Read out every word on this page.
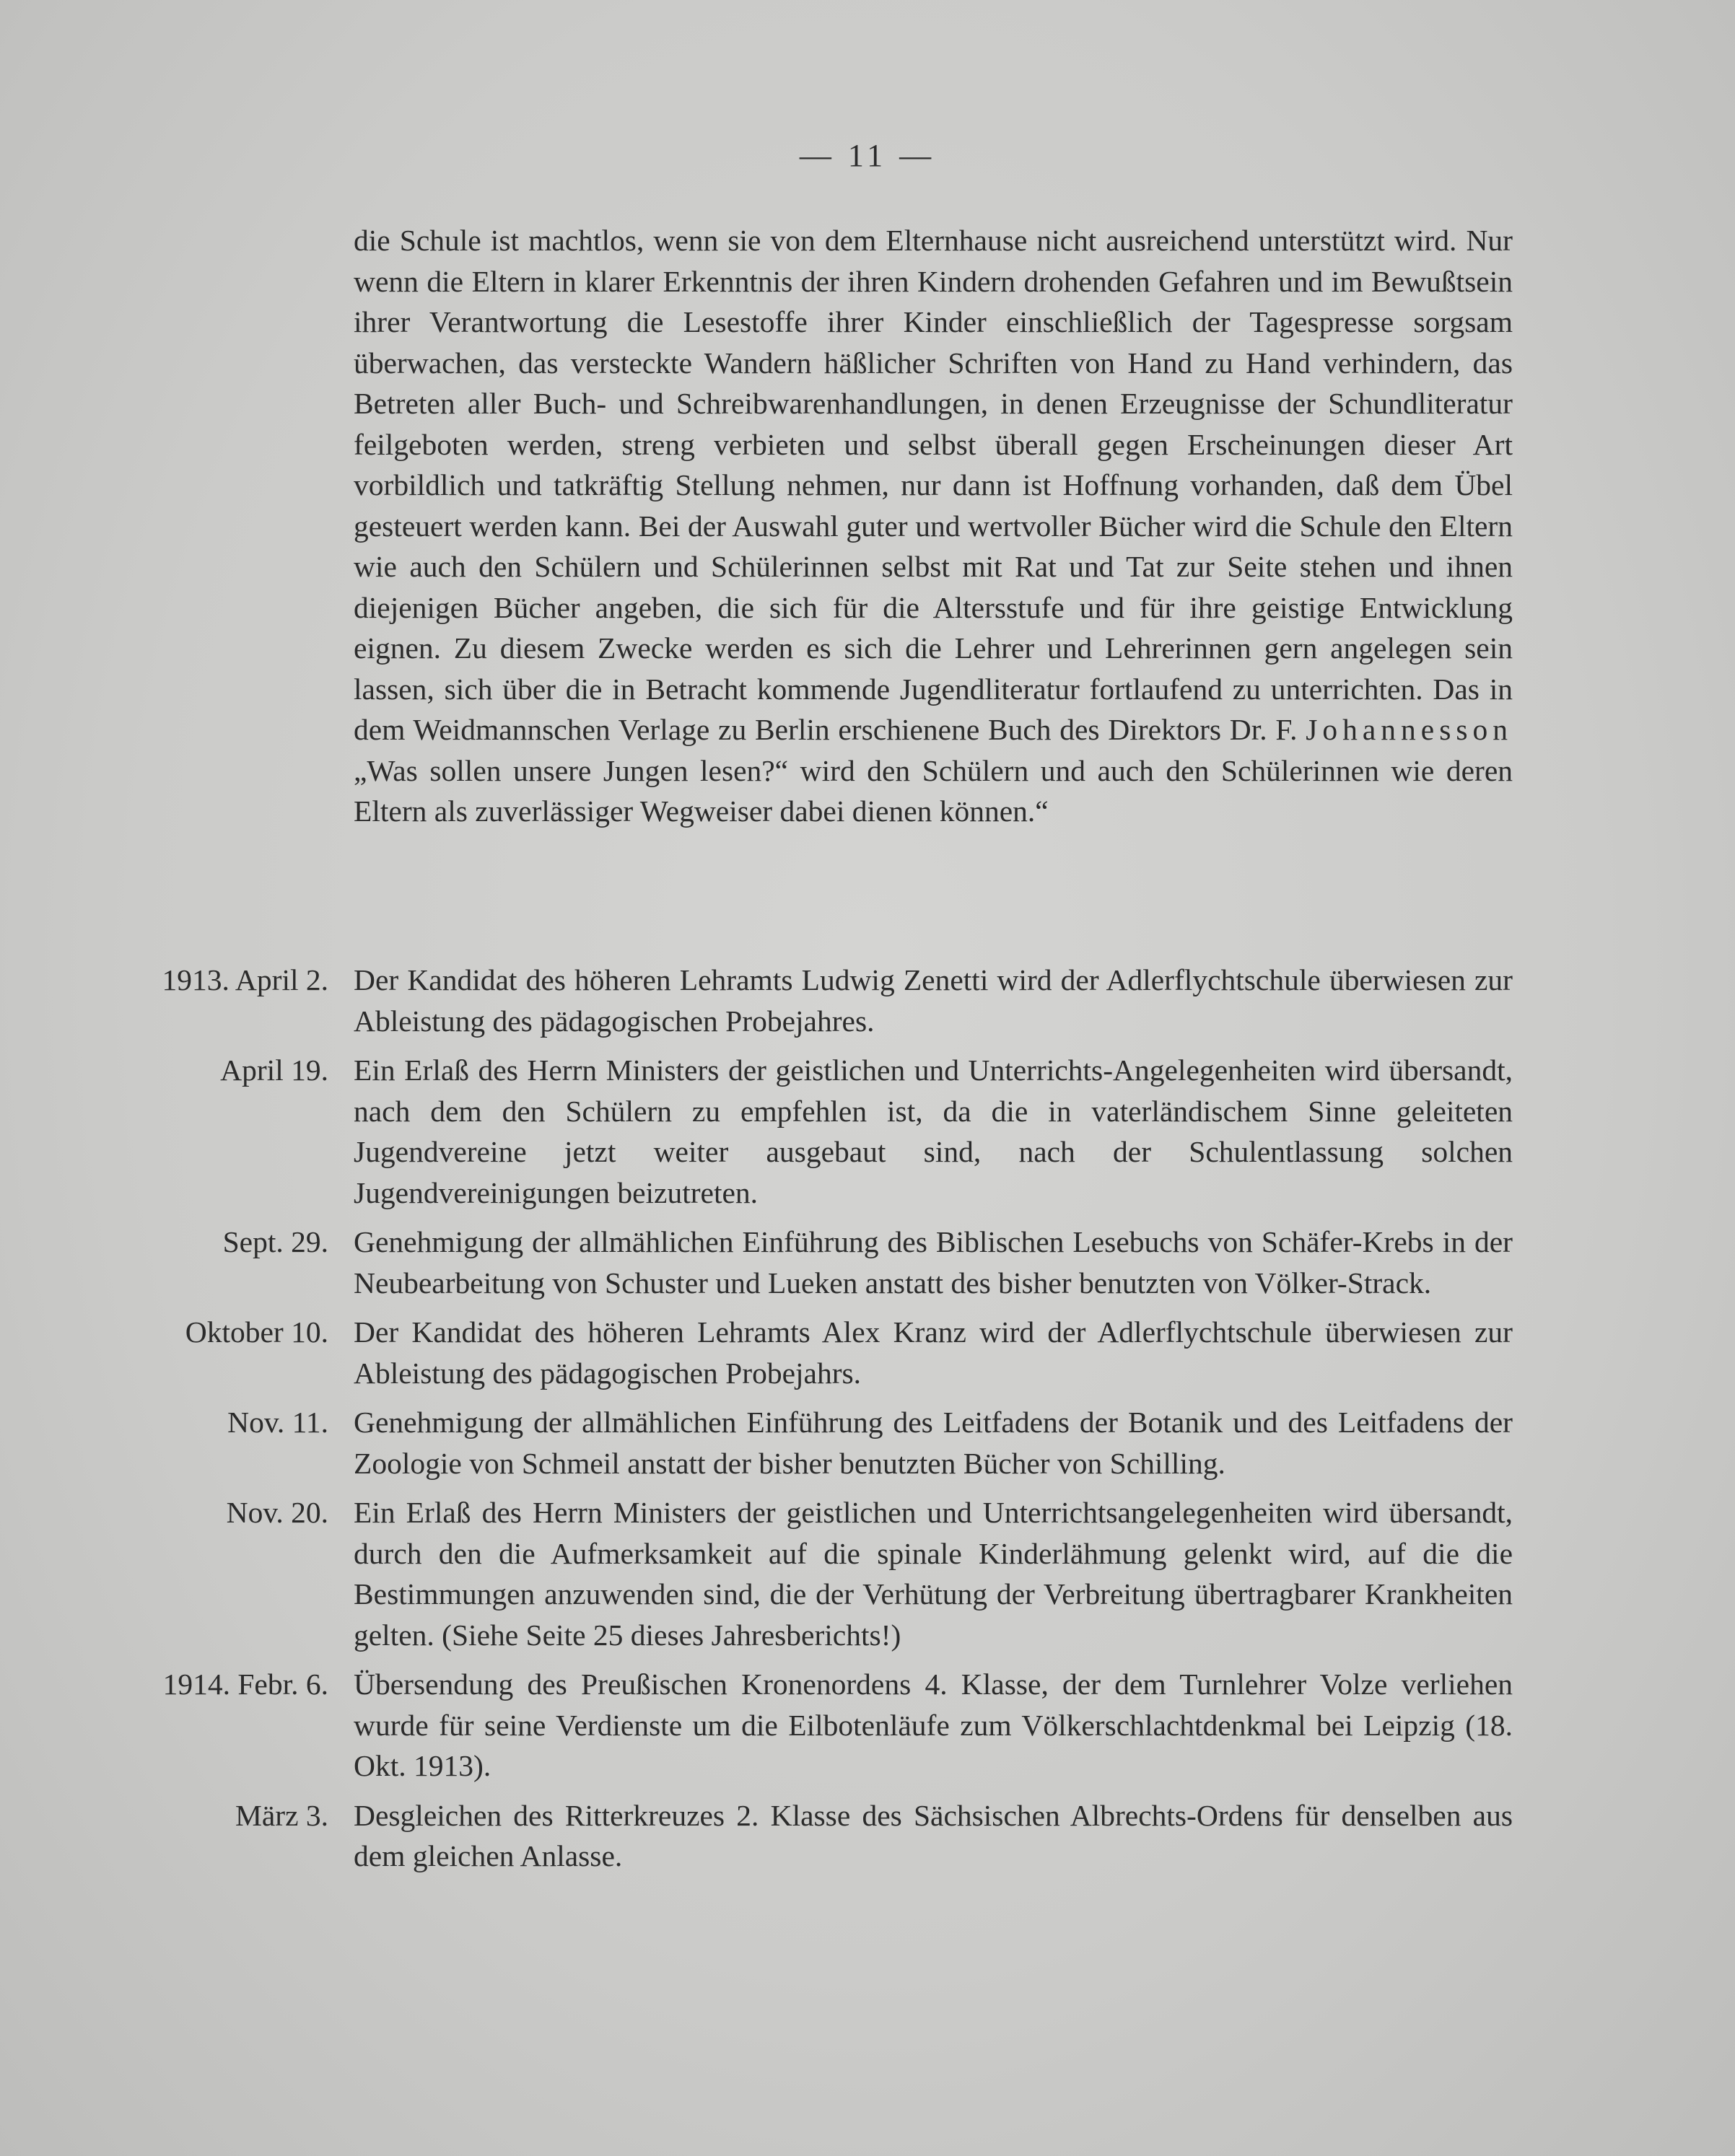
— 11 —
die Schule ist machtlos, wenn sie von dem Elternhause nicht ausreichend unterstützt wird. Nur wenn die Eltern in klarer Erkenntnis der ihren Kindern drohenden Gefahren und im Bewußtsein ihrer Verantwortung die Lesestoffe ihrer Kinder einschließlich der Tagespresse sorgsam überwachen, das versteckte Wandern häßlicher Schriften von Hand zu Hand verhindern, das Betreten aller Buch- und Schreibwarenhandlungen, in denen Erzeugnisse der Schundliteratur feilgeboten werden, streng verbieten und selbst überall gegen Erscheinungen dieser Art vorbildlich und tatkräftig Stellung nehmen, nur dann ist Hoffnung vorhanden, daß dem Übel gesteuert werden kann. Bei der Auswahl guter und wertvoller Bücher wird die Schule den Eltern wie auch den Schülern und Schülerinnen selbst mit Rat und Tat zur Seite stehen und ihnen diejenigen Bücher angeben, die sich für die Altersstufe und für ihre geistige Entwicklung eignen. Zu diesem Zwecke werden es sich die Lehrer und Lehrerinnen gern angelegen sein lassen, sich über die in Betracht kommende Jugendliteratur fortlaufend zu unterrichten. Das in dem Weidmannschen Verlage zu Berlin erschienene Buch des Direktors Dr. F. Johannesson „Was sollen unsere Jungen lesen?“ wird den Schülern und auch den Schülerinnen wie deren Eltern als zuverlässiger Wegweiser dabei dienen können.“
1913. April 2. Der Kandidat des höheren Lehramts Ludwig Zenetti wird der Adlerflychtschule überwiesen zur Ableistung des pädagogischen Probejahres.
April 19. Ein Erlaß des Herrn Ministers der geistlichen und Unterrichts-Angelegenheiten wird übersandt, nach dem den Schülern zu empfehlen ist, da die in vaterländischem Sinne geleiteten Jugendvereine jetzt weiter ausgebaut sind, nach der Schulentlassung solchen Jugendvereinigungen beizutreten.
Sept. 29. Genehmigung der allmählichen Einführung des Biblischen Lesebuchs von Schäfer-Krebs in der Neubearbeitung von Schuster und Lueken anstatt des bisher benutzten von Völker-Strack.
Oktober 10. Der Kandidat des höheren Lehramts Alex Kranz wird der Adlerflychtschule überwiesen zur Ableistung des pädagogischen Probejahrs.
Nov. 11. Genehmigung der allmählichen Einführung des Leitfadens der Botanik und des Leitfadens der Zoologie von Schmeil anstatt der bisher benutzten Bücher von Schilling.
Nov. 20. Ein Erlaß des Herrn Ministers der geistlichen und Unterrichtsangelegenheiten wird übersandt, durch den die Aufmerksamkeit auf die spinale Kinderlähmung gelenkt wird, auf die die Bestimmungen anzuwenden sind, die der Verhütung der Verbreitung übertragbarer Krankheiten gelten. (Siehe Seite 25 dieses Jahresberichts!)
1914. Febr. 6. Übersendung des Preußischen Kronenordens 4. Klasse, der dem Turnlehrer Volze verliehen wurde für seine Verdienste um die Eilbotenläufe zum Völkerschlachtdenkmal bei Leipzig (18. Okt. 1913).
März 3. Desgleichen des Ritterkreuzes 2. Klasse des Sächsischen Albrechts-Ordens für denselben aus dem gleichen Anlasse.
